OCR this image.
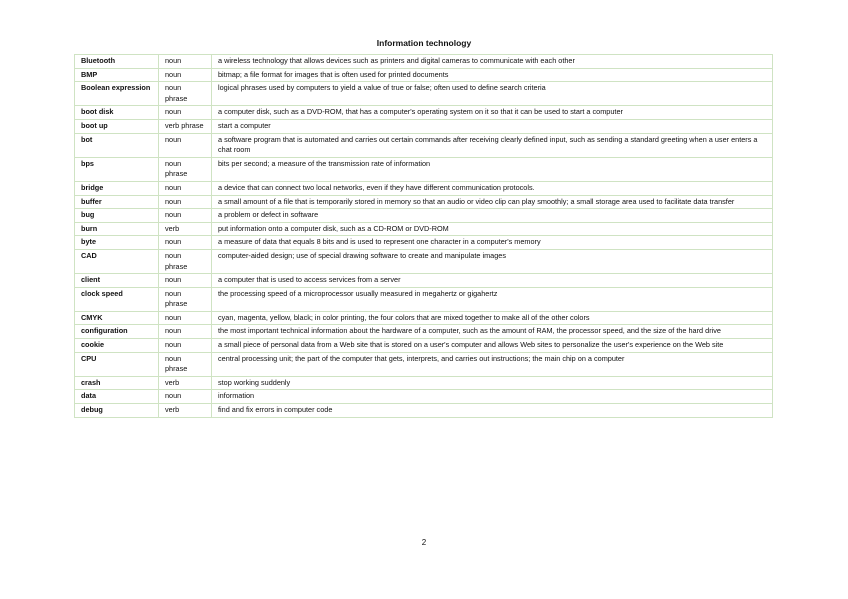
Information technology
Bluetooth	noun	a wireless technology that allows devices such as printers and digital cameras to communicate with each other
BMP	noun	bitmap; a file format for images that is often used for printed documents
Boolean expression	noun phrase	logical phrases used by computers to yield a value of true or false; often used to define search criteria
boot disk	noun	a computer disk, such as a DVD-ROM, that has a computer's operating system on it so that it can be used to start a computer
boot up	verb phrase	start a computer
bot	noun	a software program that is automated and carries out certain commands after receiving clearly defined input, such as sending a standard greeting when a user enters a chat room
bps	noun phrase	bits per second; a measure of the transmission rate of information
bridge	noun	a device that can connect two local networks, even if they have different communication protocols.
buffer	noun	a small amount of a file that is temporarily stored in memory so that an audio or video clip can play smoothly; a small storage area used to facilitate data transfer
bug	noun	a problem or defect in software
burn	verb	put information onto a computer disk, such as a CD-ROM or DVD-ROM
byte	noun	a measure of data that equals 8 bits and is used to represent one character in a computer's memory
CAD	noun phrase	computer-aided design; use of special drawing software to create and manipulate images
client	noun	a computer that is used to access services from a server
clock speed	noun phrase	the processing speed of a microprocessor usually measured in megahertz or gigahertz
CMYK	noun	cyan, magenta, yellow, black; in color printing, the four colors that are mixed together to make all of the other colors
configuration	noun	the most important technical information about the hardware of a computer, such as the amount of RAM, the processor speed, and the size of the hard drive
cookie	noun	a small piece of personal data from a Web site that is stored on a user's computer and allows Web sites to personalize the user's experience on the Web site
CPU	noun phrase	central processing unit; the part of the computer that gets, interprets, and carries out instructions; the main chip on a computer
crash	verb	stop working suddenly
data	noun	information
debug	verb	find and fix errors in computer code
2
